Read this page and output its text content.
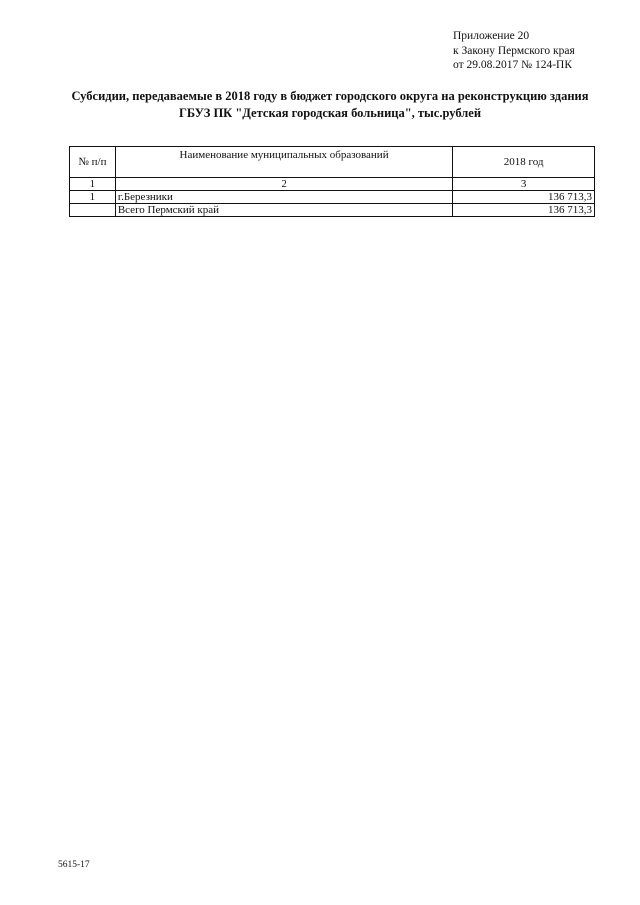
Приложение 20
к Закону Пермского края
от 29.08.2017 № 124-ПК
Субсидии, передаваемые в 2018 году в бюджет городского округа на реконструкцию здания
ГБУЗ ПК "Детская городская больница", тыс.рублей
№ п/п	Наименование муниципальных образований	2018 год
1	2	3
1	г.Березники	136 713,3
	Всего Пермский край	136 713,3
5615-17
